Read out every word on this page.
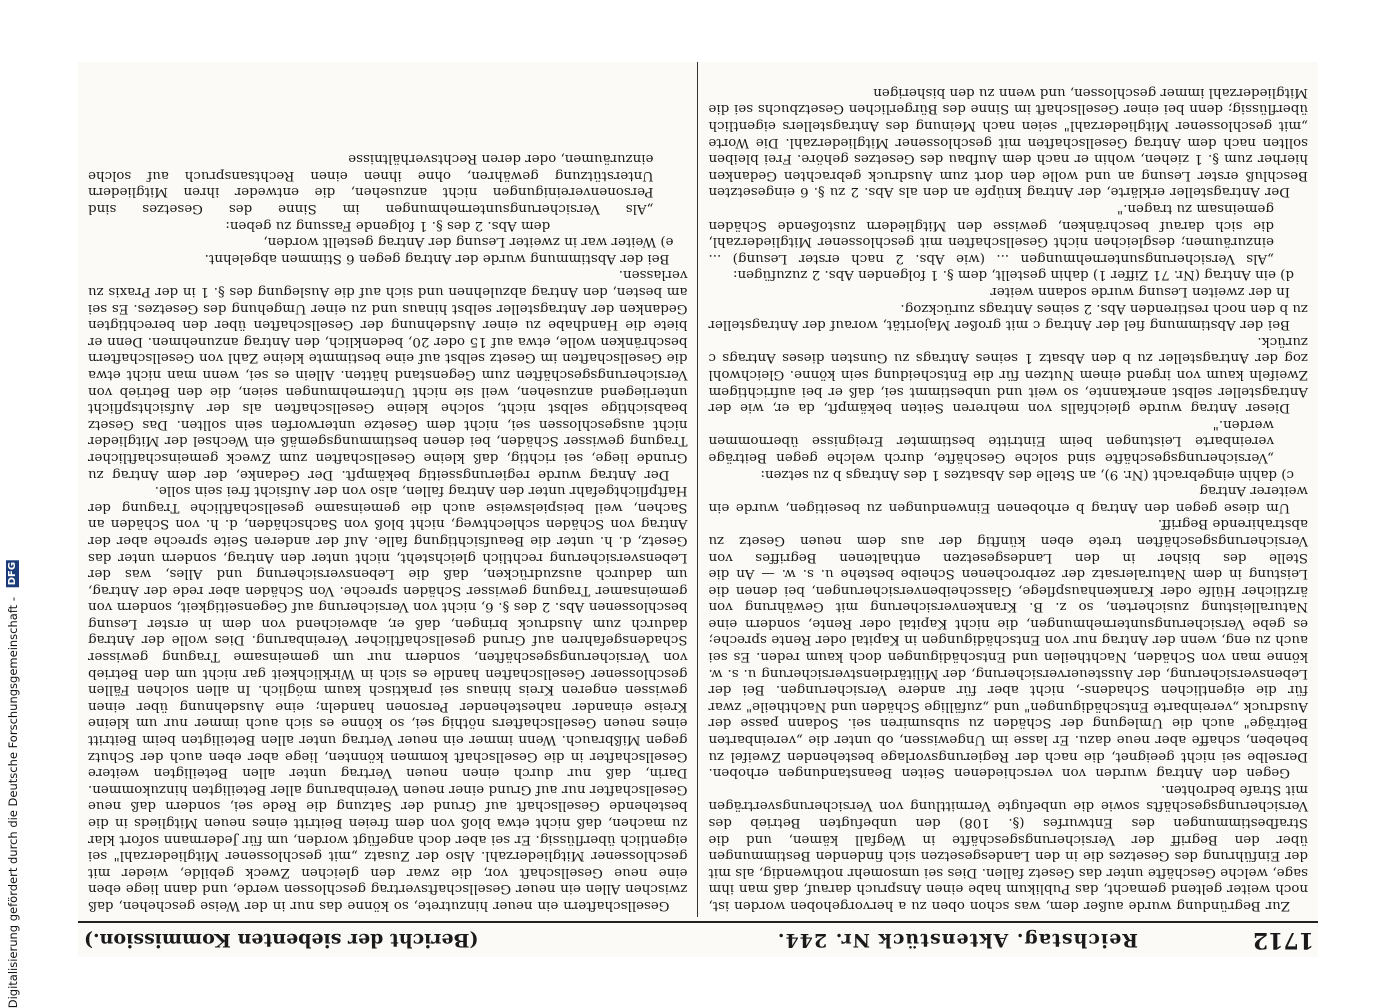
Digitalisierung gefördert durch die Deutsche Forschungsgemeinschaft - DFG
1712
Reichstag. Aktenstück Nr. 244.
(Bericht der siebenten Kommission.)

Zur Begründung wurde außer dem, was schon oben zu a hervorgehoben worden ist, noch weiter geltend gemacht, das Publikum habe einen Anspruch darauf, daß man ihm sage, welche Geschäfte unter das Gesetz fallen. Dies sei umsomehr nothwendig, als mit der Einführung des Gesetzes die in den Landesgesetzen sich findenden Bestimmungen über den Begriff der Versicherungsgeschäfte in Wegfall kämen, und die Strafbestimmungen des Entwurfes (§. 108) den unbefugten Betrieb des Versicherungsgeschäfts sowie die unbefugte Vermittlung von Versicherungsverträgen mit Strafe bedrohten.

Gegen den Antrag wurden von verschiedenen Seiten Beanstandungen erhoben. Derselbe sei nicht geeignet, die nach der Regierungsvorlage bestehenden Zweifel zu beheben, schaffe aber neue dazu. Er lasse im Ungewissen, ob unter die „vereinbarten Beiträge" auch die Umlegung der Schäden zu subsumiren sei. Sodann passe der Ausdruck „vereinbarte Entschädigungen" und „zufällige Schäden und Nachtheile" zwar für die eigentlichen Schadens-, nicht aber für andere Versicherungen. Bei der Lebensversicherung, der Aussteuerversicherung, der Militärdienstversicherung u. s. w. könne man von Schäden, Nachtheilen und Entschädigungen doch kaum reden. Es sei auch zu eng, wenn der Antrag nur von Entschädigungen in Kapital oder Rente spreche; es gebe Versicherungsunternehmungen, die nicht Kapital oder Rente, sondern eine Naturalleistung zusicherten, so z. B. Krankenversicherung mit Gewährung von ärztlicher Hülfe oder Krankenhauspflege, Glasscheibenversicherungen, bei denen die Leistung in dem Naturalersatz der zerbrochenen Scheibe bestehe u. s. w. — An die Stelle des bisher in den Landesgesetzen enthaltenen Begriffes von Versicherungsgeschäften trete eben künftig der aus dem neuen Gesetz zu abstrahirende Begriff.

Um diese gegen den Antrag b erhobenen Einwendungen zu beseitigen, wurde ein weiterer Antrag

c) dahin eingebracht (Nr. 9), an Stelle des Absatzes 1 des Antrags b zu setzen:

„Versicherungsgeschäfte sind solche Geschäfte, durch welche gegen Beiträge vereinbarte Leistungen beim Eintritte bestimmter Ereignisse übernommen werden."

Dieser Antrag wurde gleichfalls von mehreren Seiten bekämpft, da er, wie der Antragsteller selbst anerkannte, so weit und unbestimmt sei, daß er bei aufrichtigem Zweifeln kaum von irgend einem Nutzen für die Entscheidung sein könne. Gleichwohl zog der Antragsteller zu b den Absatz 1 seines Antrags zu Gunsten dieses Antrags c zurück.

Bei der Abstimmung fiel der Antrag c mit großer Majorität, worauf der Antragsteller zu b den noch restirenden Abs. 2 seines Antrags zurückzog.

In der zweiten Lesung wurde sodann weiter

d) ein Antrag (Nr. 71 Ziffer 1) dahin gestellt, dem §. 1 folgenden Abs. 2 zuzufügen:

„Als Versicherungsunternehmungen ... (wie Abs. 2 nach erster Lesung) ... einzuräumen; desgleichen nicht Gesellschaften mit geschlossener Mitgliederzahl, die sich darauf beschränken, gewisse den Mitgliedern zustoßende Schäden gemeinsam zu tragen."

Der Antragsteller erklärte, der Antrag knüpfe an den als Abs. 2 zu §. 6 eingesetzten Beschluß erster Lesung an und wolle den dort zum Ausdruck gebrachten Gedanken hierher zum §. 1 ziehen, wohin er nach dem Aufbau des Gesetzes gehöre. Frei bleiben sollten nach dem Antrag Gesellschaften mit geschlossener Mitgliederzahl. Die Worte „mit geschlossener Mitgliederzahl" seien nach Meinung des Antragstellers eigentlich überflüssig; denn bei einer Gesellschaft im Sinne des Bürgerlichen Gesetzbuchs sei die Mitgliederzahl immer geschlossen, und wenn zu den bisherigen

Gesellschaftern ein neuer hinzutrete, so könne das nur in der Weise geschehen, daß zwischen Allen ein neuer Gesellschaftsvertrag geschlossen werde, und dann liege eben eine neue Gesellschaft vor, die zwar den gleichen Zweck gebilde, wieder mit geschlossener Mitgliederzahl. Also der Zusatz „mit geschlossener Mitgliederzahl" sei eigentlich überflüssig. Er sei aber doch angefügt worden, um für Jedermann sofort klar zu machen, daß nicht etwa bloß von dem freien Beitritt eines neuen Mitglieds in die bestehende Gesellschaft auf Grund der Satzung die Rede sei, sondern daß neue Gesellschafter nur auf Grund einer neuen Vereinbarung aller Beteiligten hinzukommen. Darin, daß nur durch einen neuen Vertrag unter allen Beteiligten weitere Gesellschafter in die Gesellschaft kommen könnten, liege aber eben auch der Schutz gegen Mißbrauch. Wenn immer ein neuer Vertrag unter allen Beteiligten beim Beitritt eines neuen Gesellschafters nöthig sei, so könne es sich auch immer nur um kleine Kreise einander nahestehender Personen handeln; eine Ausdehnung über einen gewissen engeren Kreis hinaus sei praktisch kaum möglich. In allen solchen Fällen geschlossener Gesellschaften handle es sich in Wirklichkeit gar nicht um den Betrieb von Versicherungsgeschäften, sondern nur um gemeinsame Tragung gewisser Schadensgefahren auf Grund gesellschaftlicher Vereinbarung. Dies wolle der Antrag dadurch zum Ausdruck bringen, daß er, abweichend von dem in erster Lesung beschlossenen Abs. 2 des §. 6, nicht von Versicherung auf Gegenseitigkeit, sondern von gemeinsamer Tragung gewisser Schäden spreche. Von Schäden aber rede der Antrag, um dadurch auszudrücken, daß die Lebensversicherung und Alles, was der Lebensversicherung rechtlich gleichsteht, nicht unter den Antrag, sondern unter das Gesetz, d. h. unter die Beaufsichtigung falle. Auf der anderen Seite spreche aber der Antrag von Schäden schlechtweg, nicht bloß von Sachschäden, d. h. von Schäden an Sachen, weil beispielsweise auch die gemeinsame gesellschaftliche Tragung der Haftpflichtgefahr unter den Antrag fallen, also von der Aufsicht frei sein solle.

Der Antrag wurde regierungsseitig bekämpft. Der Gedanke, der dem Antrag zu Grunde liege, sei richtig, daß kleine Gesellschaften zum Zweck gemeinschaftlicher Tragung gewisser Schäden, bei denen bestimmungsgemäß ein Wechsel der Mitglieder nicht ausgeschlossen sei, nicht dem Gesetze unterworfen sein sollten. Das Gesetz beabsichtige selbst nicht, solche kleine Gesellschaften als der Aufsichtspflicht unterliegend anzusehen, weil sie nicht Unternehmungen seien, die den Betrieb von Versicherungsgeschäften zum Gegenstand hätten. Allein es sei, wenn man nicht etwa die Gesellschaften im Gesetz selbst auf eine bestimmte kleine Zahl von Gesellschaftern beschränken wolle, etwa auf 15 oder 20, bedenklich, den Antrag anzunehmen. Denn er biete die Handhabe zu einer Ausdehnung der Gesellschaften über den berechtigten Gedanken der Antragsteller selbst hinaus und zu einer Umgehung des Gesetzes. Es sei am besten, den Antrag abzulehnen und sich auf die Auslegung des §. 1 in der Praxis zu verlassen.

Bei der Abstimmung wurde der Antrag gegen 6 Stimmen abgelehnt.

e) Weiter war in zweiter Lesung der Antrag gestellt worden,

dem Abs. 2 des §. 1 folgende Fassung zu geben:

„Als Versicherungsunternehmungen im Sinne des Gesetzes sind Personenvereinigungen nicht anzusehen, die entweder ihren Mitgliedern Unterstützung gewähren, ohne ihnen einen Rechtsanspruch auf solche einzuräumen, oder deren Rechtsverhältnisse
